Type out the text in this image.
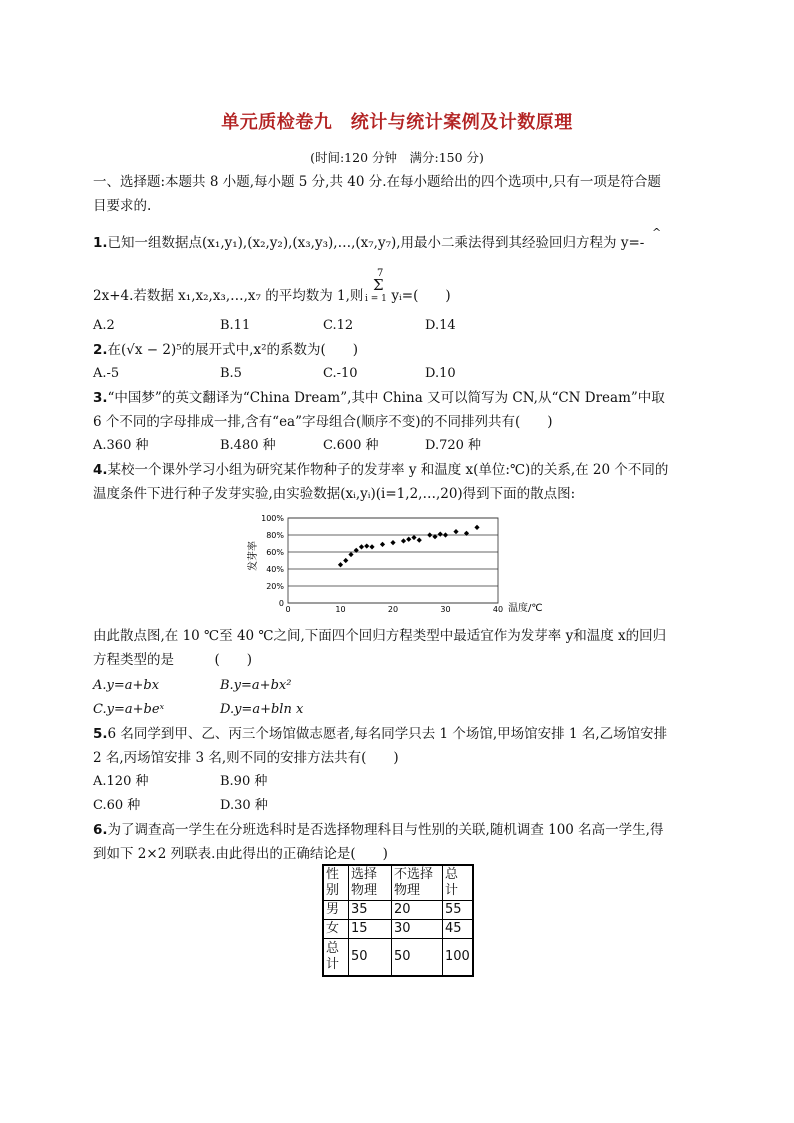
单元质检卷九　统计与统计案例及计数原理
(时间:120 分钟　满分:150 分)
一、选择题:本题共 8 小题,每小题 5 分,共 40 分.在每小题给出的四个选项中,只有一项是符合题
目要求的.
1.已知一组数据点(x₁,y₁),(x₂,y₂),(x₃,y₃),…,(x₇,y₇),用最小二乘法得到其经验回归方程为 y=-
^
2x+4.若数据 x₁,x₂,x₃,…,x₇ 的平均数为 1,则 yᵢ=(　　)
7
Σ
i = 1
A.2	B.11	C.12	D.14
2.在(√x − 2)⁵的展开式中,x²的系数为(　　)
A.-5	B.5	C.-10	D.10
3.“中国梦”的英文翻译为“China Dream”,其中 China 又可以简写为 CN,从“CN Dream”中取
6 个不同的字母排成一排,含有“ea”字母组合(顺序不变)的不同排列共有(　　)
A.360 种	B.480 种	C.600 种	D.720 种
4.某校一个课外学习小组为研究某作物种子的发芽率 y 和温度 x(单位:℃)的关系,在 20 个不同的
温度条件下进行种子发芽实验,由实验数据(xᵢ,yᵢ)(i=1,2,…,20)得到下面的散点图:
0
20%
40%
60%
80%
100%
0	10	20	30	40
发芽率
温度/℃
由此散点图,在 10 ℃至 40 ℃之间,下面四个回归方程类型中最适宜作为发芽率 y和温度 x的回归
方程类型的是　　　(　　)
A.y=a+bx	B.y=a+bx²
C.y=a+beˣ	D.y=a+bln x
5.6 名同学到甲、乙、丙三个场馆做志愿者,每名同学只去 1 个场馆,甲场馆安排 1 名,乙场馆安排
2 名,丙场馆安排 3 名,则不同的安排方法共有(　　)
A.120 种	B.90 种
C.60 种	D.30 种
6.为了调查高一学生在分班选科时是否选择物理科目与性别的关联,随机调查 100 名高一学生,得
到如下 2×2 列联表.由此得出的正确结论是(　　)
性别	选择物理	不选择物理	总计
男	35	20	55
女	15	30	45
总计	50	50	100
